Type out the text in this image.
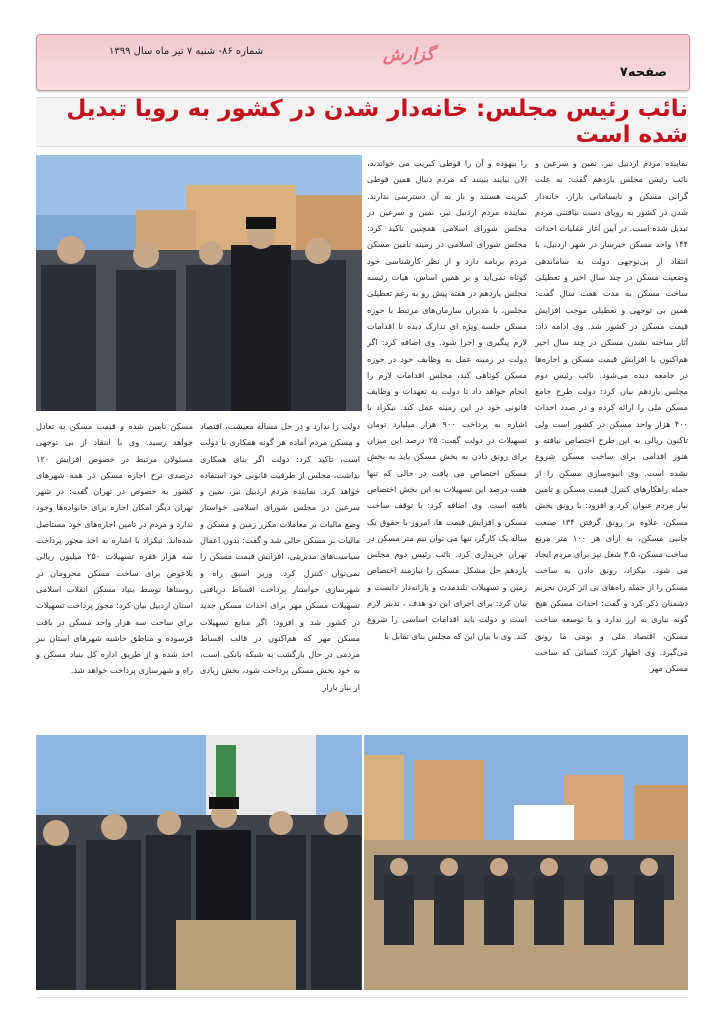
شماره ۸۶- شنبه ۷ تیر ماه سال ۱۳۹۹	گزارش
صفحه۷
نائب رئیس مجلس: خانه‌دار شدن در کشور به رویا تبدیل شده است

نماینده مردم اردبیل نیر، نمین و سرعین و نائب رئیس مجلس یازدهم گفت: به علت گرانی مسکن و نابسامانی بازار، خانه‌دار شدن در کشور به رویای دست نیافتنی مردم تبدیل شده است. در آیین آغاز عملیات احداث ۱۴۴ واحد مسکن خیرساز در شهر اردبیل، با انتقاد از بی‌توجهی دولت به ساماندهی وضعیت مسکن در چند سال اخیر و تعطیلی ساخت مسکن به مدت هفت سال گفت: همین بی توجهی و تعطیلی موجب افزایش قیمت مسکن در کشور شد. وی ادامه داد: آثار ساخته نشدن مسکن در چند سال اخیر هم‌اکنون با افزایش قیمت مسکن و اجاره‌ها در جامعه دیده می‌شود. نائب رئیس دوم مجلس یازدهم بیان کرد: دولت طرح جامع مسکن ملی را ارائه کرده و در صدد احداث ۴۰۰ هزار واحد مسکن در کشور است ولی تاکنون ریالی به این طرح اختصاص نیافته و هنوز اقدامی برای ساخت مسکن شروع نشده است. وی انبوه‌سازی مسکن را از جمله راهکارهای کنترل قیمت مسکن و تامین نیاز مردم عنوان کرد و افزود: با رونق بخش مسکن، علاوه بر رونق گرفتن ۱۳۴ صنعت جانبی مسکن، به ازای هر ۱۰۰ متر مربع ساخت مسکن، ۳.۵ شغل نیز برای مردم ایجاد می شود. نیکزاد، رونق دادن به ساخت مسکن را از جمله راه‌های بی اثر کردن تحریم دشمنان ذکر کرد و گفت: احداث مسکن هیچ گونه نیازی به ارز ندارد و با توسعه ساخت مسکن، اقتصاد ملی و بومی ما رونق می‌گیرد. وی اظهار کرد: کسانی که ساخت مسکن مهر

را بیهوده و آن را قوطی کبریت می خواندند، الان بیایند ببینند که مردم دنبال همین قوطی کبریت هستند و باز به آن دسترسی ندارند. نماینده مردم اردبیل نیر، نمین و سرعین در مجلس شورای اسلامی همچنین تاکید کرد: مجلس شورای اسلامی در زمینه تامین مسکن مردم برنامه دارد و از نظر کارشناسی خود کوتاه نمی‌آید و بر همین اساس، هیات رئیسه مجلس یازدهم در هفته پیش رو به رغم تعطیلی مجلس، با مدیران سازمان‌های مرتبط با حوزه مسکن جلسه ویژه ای تدارک دیده تا اقدامات لازم پیگیری و اجرا شود. وی اضافه کرد: اگر دولت در زمینه عمل به وظایف خود در حوزه مسکن کوتاهی کند، مجلس اقدامات لازم را انجام خواهد داد تا دولت به تعهدات و وظایف قانونی خود در این زمینه عمل کند. نیکزاد با اشاره به پرداخت ۹۰۰ هزار میلیارد تومان تسهیلات در دولت گفت: ۲۵ درصد این میزان برای رونق دادن به بخش مسکن باید به بخش مسکن اختصاص می یافت در حالی که تنها هفت درصد این تسهیلات به این بخش اختصاص یافته است. وی اضافه کرد: با توقف ساخت مسکن و افزایش قیمت ها، امروز با حقوق یک ساله یک کارگر، تنها می توان نیم متر مسکن در تهران خریداری کرد. نائب رئیس دوم مجلس یازدهم حل مشکل مسکن را نیازمند اختصاص زمین و تسهیلات بلندمدت و پارانه‌دار دانست و بیان کرد: برای اجرای این دو هدف ، تدبیر لازم است و دولت باید اقدامات اساسی را شروع کند. وی با بیان این که مجلس بنای تقابل با

دولت را ندارد و در حل مساله معیشت، اقتصاد و مسکن مردم آماده هر گونه همکاری با دولت است، تاکید کرد: دولت اگر بنای همکاری نداشت، مجلس از ظرفیت قانونی خود استفاده خواهد کرد. نماینده مردم اردبیل نیر، نمین و سرعین در مجلس شورای اسلامی خواستار وضع مالیات بر معاملات مکرر زمین و مسکن و مالیات بر مسکن خالی شد و گفت: بدون اعمال سیاست‌های مدیریتی، افزایش قیمت مسکن را نمی‌توان کنترل کرد. وزیر اسبق راه و شهرسازی خواستار پرداخت اقساط دریافتی تسهیلات مسکن مهر برای احداث مسکن جدید در کشور شد و افزود: اگر منابع تسهیلات مسکن مهر که هم‌اکنون در قالب اقساط مردمی در حال بازگشت به شبکه بانکی است، به خود بخش مسکن پرداخت شود، بخش زیادی از نیاز بازار

مسکن تامین شده و قیمت مسکن به تعادل خواهد رسید. وی با انتقاد از بی توجهی مسئولان مرتبط در خصوص افزایش ۱۲۰ درصدی نرخ اجاره مسکن در همه شهرهای کشور به خصوص در تهران گفت: در شهر تهران دیگر امکان اجاره برای خانواده‌ها وجود ندارد و مردم در تامین اجاره‌های خود مستاصل شده‌اند. نیکزاد با اشاره به اخذ مجوز پرداخت سه هزار فقره تسهیلات ۲۵۰ میلیون ریالی بلاعوض برای ساخت مسکن محرومان در روستاها توسط بنیاد مسکن انقلاب اسلامی استان اردبیل بیان کرد: مجوز پرداخت تسهیلات برای ساخت سه هزار واحد مسکن در بافت فرسوده و مناطق حاشیه شهرهای استان نیز اخذ شده و از طریق اداره کل بنیاد مسکن و راه و شهرسازی پرداخت خواهد شد.
